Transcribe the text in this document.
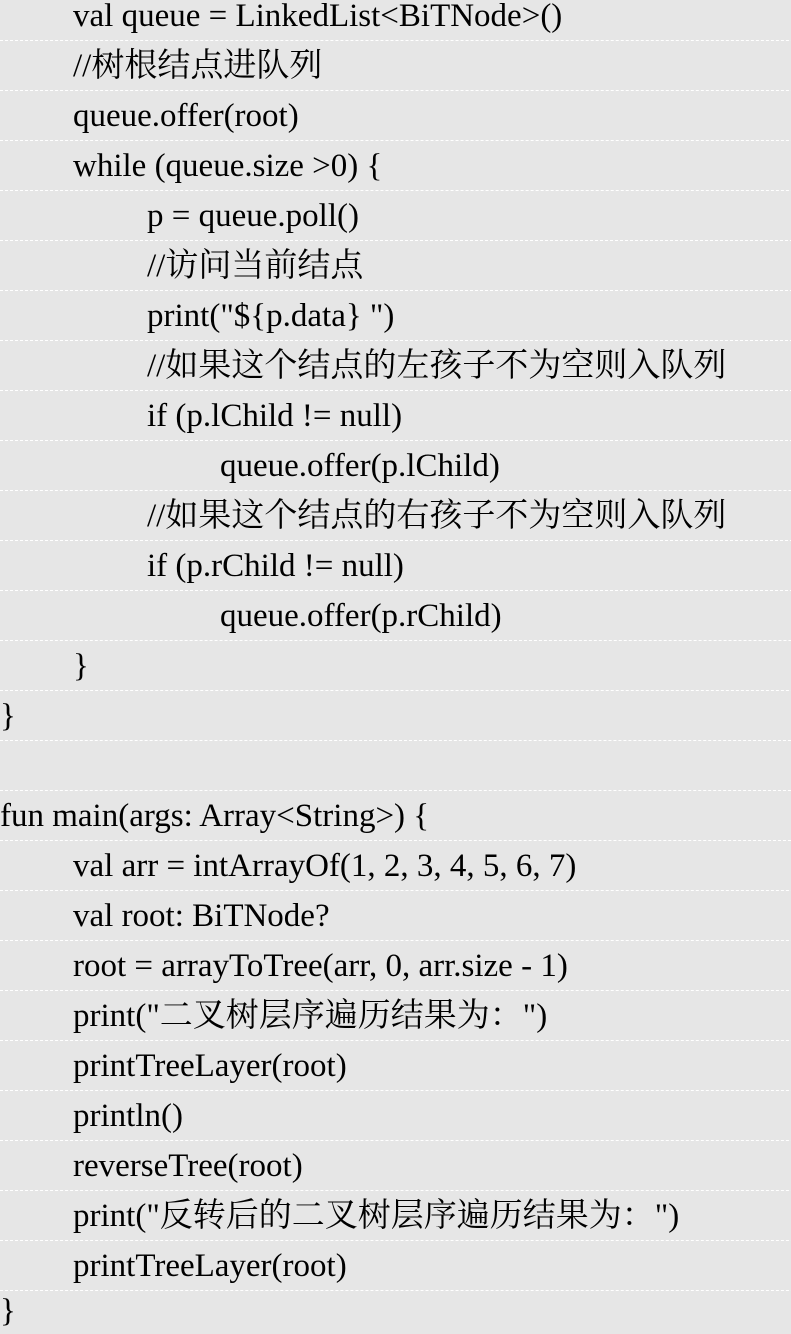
val queue = LinkedList<BiTNode>()
//树根结点进队列
queue.offer(root)
while (queue.size >0) {
p = queue.poll()
//访问当前结点
print("${p.data} ")
//如果这个结点的左孩子不为空则入队列
if (p.lChild != null)
queue.offer(p.lChild)
//如果这个结点的右孩子不为空则入队列
if (p.rChild != null)
queue.offer(p.rChild)
}
}
fun main(args: Array<String>) {
val arr = intArrayOf(1, 2, 3, 4, 5, 6, 7)
val root: BiTNode?
root = arrayToTree(arr, 0, arr.size - 1)
print("二叉树层序遍历结果为：")
printTreeLayer(root)
println()
reverseTree(root)
print("反转后的二叉树层序遍历结果为：")
printTreeLayer(root)
}
